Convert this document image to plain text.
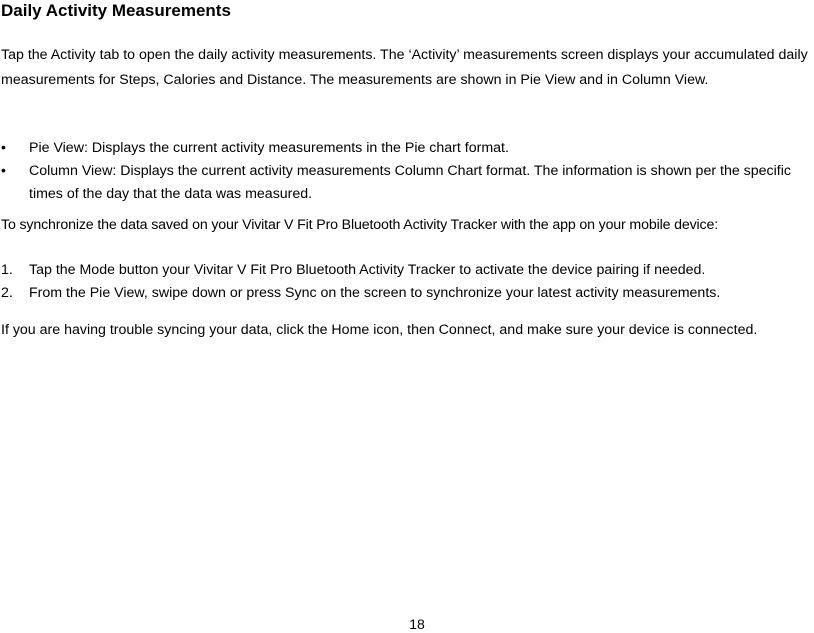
Daily Activity Measurements
Tap the Activity tab to open the daily activity measurements. The ‘Activity’ measurements screen displays your accumulated daily measurements for Steps, Calories and Distance. The measurements are shown in Pie View and in Column View.
• Pie View: Displays the current activity measurements in the Pie chart format.
• Column View: Displays the current activity measurements Column Chart format. The information is shown per the specific times of the day that the data was measured.
To synchronize the data saved on your Vivitar V Fit Pro Bluetooth Activity Tracker with the app on your mobile device:
1. Tap the Mode button your Vivitar V Fit Pro Bluetooth Activity Tracker to activate the device pairing if needed.
2. From the Pie View, swipe down or press Sync on the screen to synchronize your latest activity measurements.
If you are having trouble syncing your data, click the Home icon, then Connect, and make sure your device is connected.
18
